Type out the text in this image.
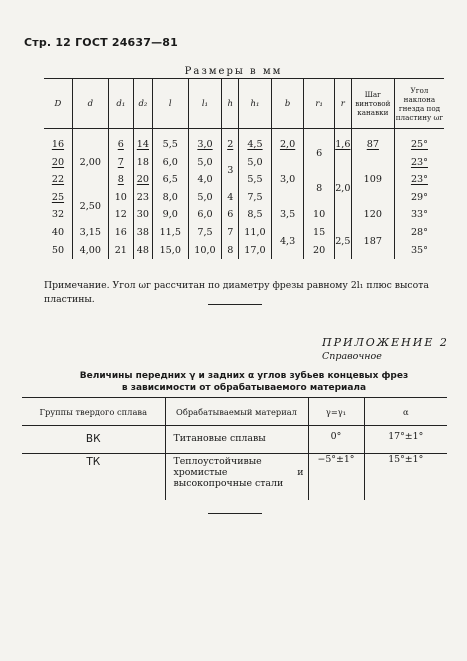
Стр. 12 ГОСТ 24637—81
Размеры в мм
D	d	d₁	d₂	l	l₁	h	h₁	b	r₁	r	Шаг винтовой канавки	Угол наклона гнезда под пластину ωг

16	2,00	6	14	5,5	3,0	2	4,5	2,0	6	1,6	87	25°
20		7	18	6,0	5,0	3	5,0	3,0		2,0	109	23°
22		8	20	6,5	4,0		5,5		8			23°
25	2,50	10	23	8,0	5,0	4	7,5					29°
32		12	30	9,0	6,0	6	8,5	3,5	10		120	33°
40	3,15	16	38	11,5	7,5	7	11,0	4,3	15	2,5	187	28°
50	4,00	21	48	15,0	10,0	8	17,0		20			35°
Примечание. Угол ωг рассчитан по диаметру фрезы равному 2l₁ плюс высота пластины.
ПРИЛОЖЕНИЕ 2
Справочное
Величины передних γ и задних α углов зубьев концевых фрез
в зависимости от обрабатываемого материала
Группы твердого сплава	Обрабатываемый материал	γ=γ₁	α

ВК	Титановые сплавы	0°	17°±1°

ТК	Теплоустойчивые хромистые и высокопрочные стали	−5°±1°	15°±1°
